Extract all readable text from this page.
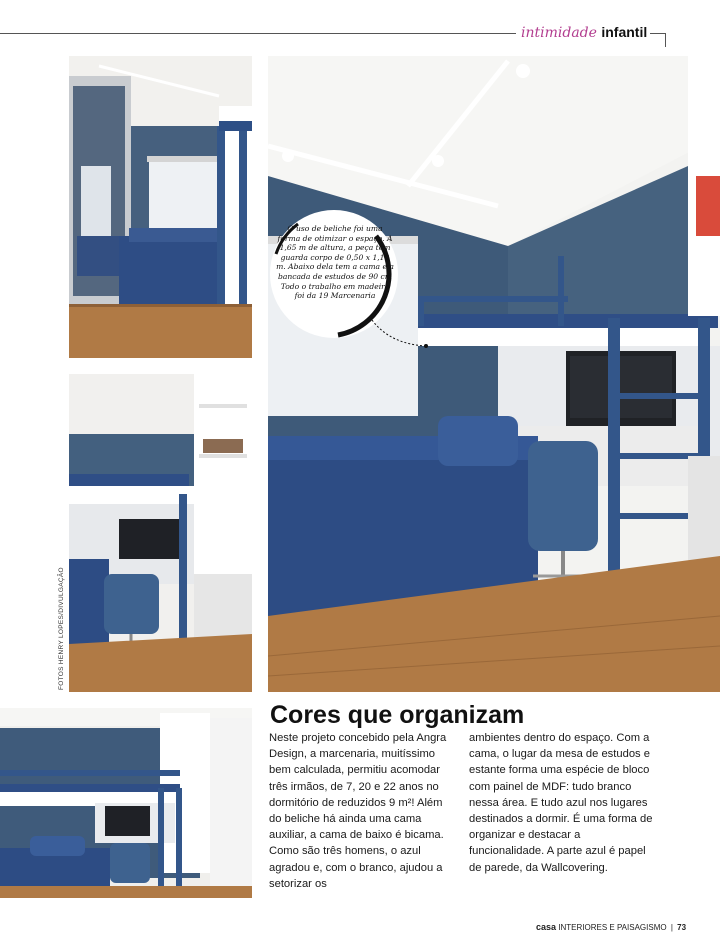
intimidade infantil
FOTOS HENRY LOPES/DIVULGAÇÃO
O uso de beliche foi uma forma de otimizar o espaço. A 1,65 m de altura, a peça tem guarda corpo de 0,50 x 1,10 m. Abaixo dela tem a cama e a bancada de estudos de 90 cm Todo o trabalho em madeira foi da 19 Marcenaria
Cores que organizam
Neste projeto concebido pela Angra Design, a marcenaria, muitíssimo bem calculada, permitiu acomodar três irmãos, de 7, 20 e 22 anos no dormitório de reduzidos 9 m²! Além do beliche há ainda uma cama auxiliar, a cama de baixo é bicama. Como são três homens, o azul agradou e, com o branco, ajudou a setorizar os
ambientes dentro do espaço. Com a cama, o lugar da mesa de estudos e estante forma uma espécie de bloco com painel de MDF: tudo branco nessa área. E tudo azul nos lugares destinados a dormir. É uma forma de organizar e destacar a funcionalidade. A parte azul é papel de parede, da Wallcovering.
casa INTERIORES E PAISAGISMO | 73
